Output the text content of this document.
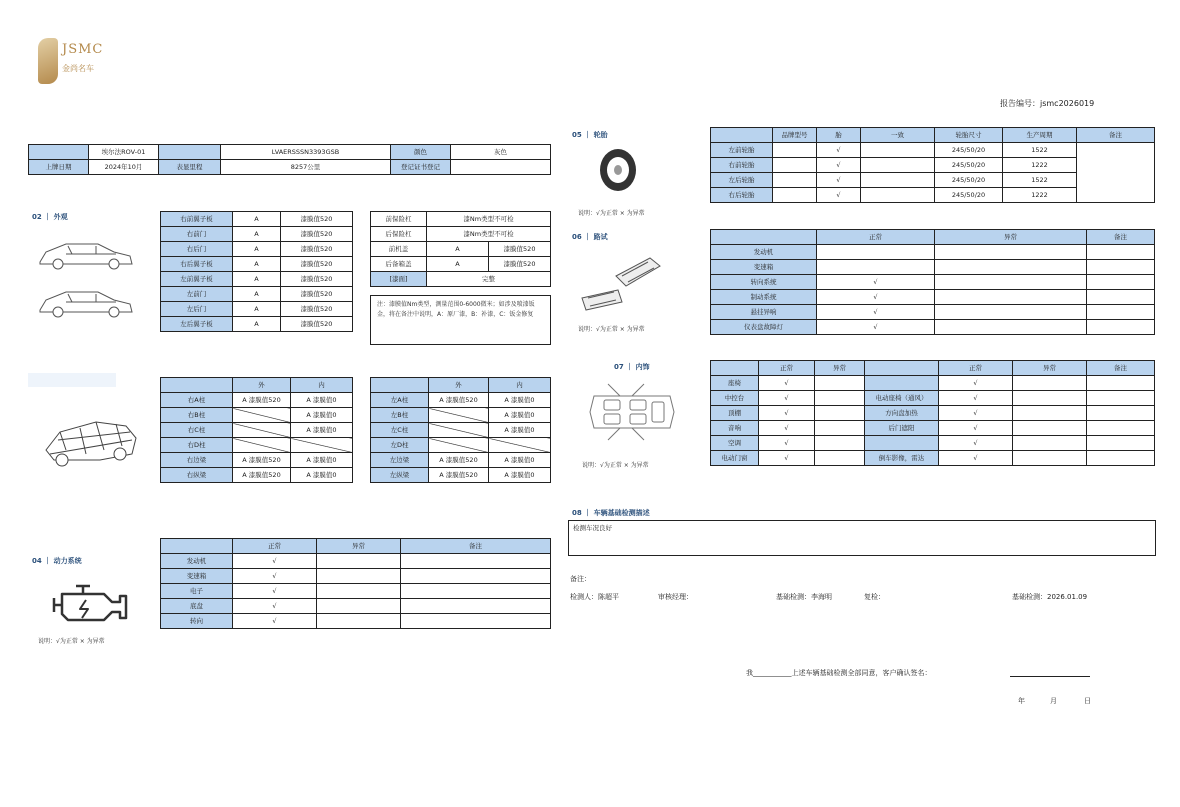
JSMC
金尚名车
报告编号：jsmc2026019
	埃尔法ROV-01		LVAERSSSN3393GSB	颜色	灰色
上牌日期	2024年10月	表显里程	8257公里	登记证书登记	
02 ｜ 外观	右前翼子板	A	漆膜值520
右前门	A	漆膜值520
右后门	A	漆膜值520
右后翼子板	A	漆膜值520
左前翼子板	A	漆膜值520
左前门	A	漆膜值520
左后门	A	漆膜值520
左后翼子板	A	漆膜值520
前保险杠	漆Nm类型不可检	
后保险杠	漆Nm类型不可检	
前机盖	A	漆膜值520
后备箱盖	A	漆膜值520
[漆面]	完整	
注：漆膜值Nm类型，测量范围0-6000微米；如涉及喷漆钣金，将在备注中说明，A：原厂漆，B：补漆，C：钣金修复
	外	内
右A柱	A 漆膜值520	A 漆膜值0
右B柱		A 漆膜值0
右C柱		A 漆膜值0
右D柱		
右边梁	A 漆膜值520	A 漆膜值0
右纵梁	A 漆膜值520	A 漆膜值0
	外	内
左A柱	A 漆膜值520	A 漆膜值0
左B柱		A 漆膜值0
左C柱		A 漆膜值0
左D柱		
左边梁	A 漆膜值520	A 漆膜值0
左纵梁	A 漆膜值520	A 漆膜值0
04 ｜ 动力系统
说明：√为正常 × 为异常
	正常	异常	备注
发动机	√		
变速箱	√		
电子	√		
底盘	√		
转向	√		
05 ｜ 轮胎
说明：√为正常 × 为异常
	品牌型号	胎	一致	轮胎尺寸	生产周期	备注
左前轮胎		√		245/50/20	1522	
右前轮胎		√		245/50/20	1222	
左后轮胎		√		245/50/20	1522	
右后轮胎		√		245/50/20	1222	
06 ｜ 路试
说明：√为正常 × 为异常
	正常	异常	备注
发动机			
变速箱			
转向系统	√		
制动系统	√		
悬挂异响	√		
仪表盘故障灯	√		
07 ｜ 内饰
说明：√为正常 × 为异常
	正常	异常		正常	异常	备注
座椅	√			√		
中控台	√		电动座椅（通风）	√		
顶棚	√		方向盘加热	√		
音响	√		后门遮阳	√		
空调	√			√		
电动门窗	√		倒车影像，雷达	√		
08 ｜ 车辆基础检测描述
检测车况良好
备注：
检测人：陈超平	审核经理：	基础检测：李海明	复检：	基础检测：2026.01.09
我___________上述车辆基础检测全部同意，客户确认签名：
年	月	日
